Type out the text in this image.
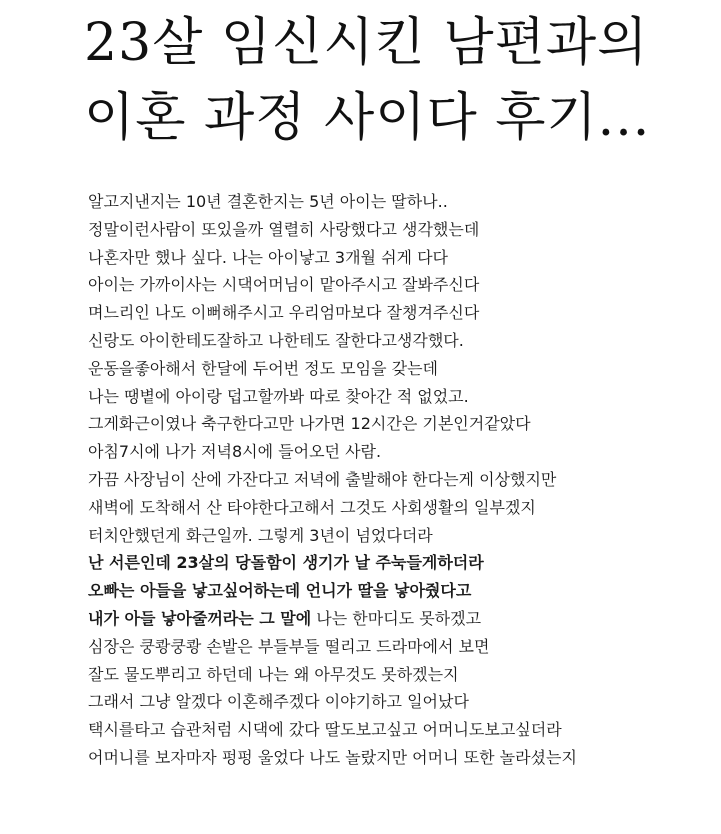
23살 임신시킨 남편과의
이혼 과정 사이다 후기...
알고지낸지는 10년 결혼한지는 5년 아이는 딸하나..
정말이런사람이 또있을까 열렬히 사랑했다고 생각했는데
나혼자만 했나 싶다. 나는 아이낳고 3개월 쉬게 다다
아이는 가까이사는 시댁어머님이 맡아주시고 잘봐주신다
며느리인 나도 이뻐해주시고 우리엄마보다 잘챙겨주신다
신랑도 아이한테도잘하고 나한테도 잘한다고생각했다.
운동을좋아해서 한달에 두어번 정도 모임을 갖는데
나는 땡볕에 아이랑 덥고할까봐 따로 찾아간 적 없었고.
그게화근이였나 축구한다고만 나가면 12시간은 기본인거같았다
아침7시에 나가 저녁8시에 들어오던 사람.
가끔 사장님이 산에 가잔다고 저녁에 출발해야 한다는게 이상했지만
새벽에 도착해서 산 타야한다고해서 그것도 사회생활의 일부겠지
터치안했던게 화근일까. 그렇게 3년이 넘었다더라
난 서른인데 23살의 당돌함이 생기가 날 주눅들게하더라
오빠는 아들을 낳고싶어하는데 언니가 딸을 낳아줬다고
내가 아들 낳아줄꺼라는 그 말에 나는 한마디도 못하겠고
심장은 쿵쾅쿵쾅 손발은 부들부들 떨리고 드라마에서 보면
잘도 물도뿌리고 하던데 나는 왜 아무것도 못하겠는지
그래서 그냥 알겠다 이혼해주겠다 이야기하고 일어났다
택시를타고 습관처럼 시댁에 갔다 딸도보고싶고 어머니도보고싶더라
어머니를 보자마자 펑펑 울었다 나도 놀랐지만 어머니 또한 놀라셨는지
